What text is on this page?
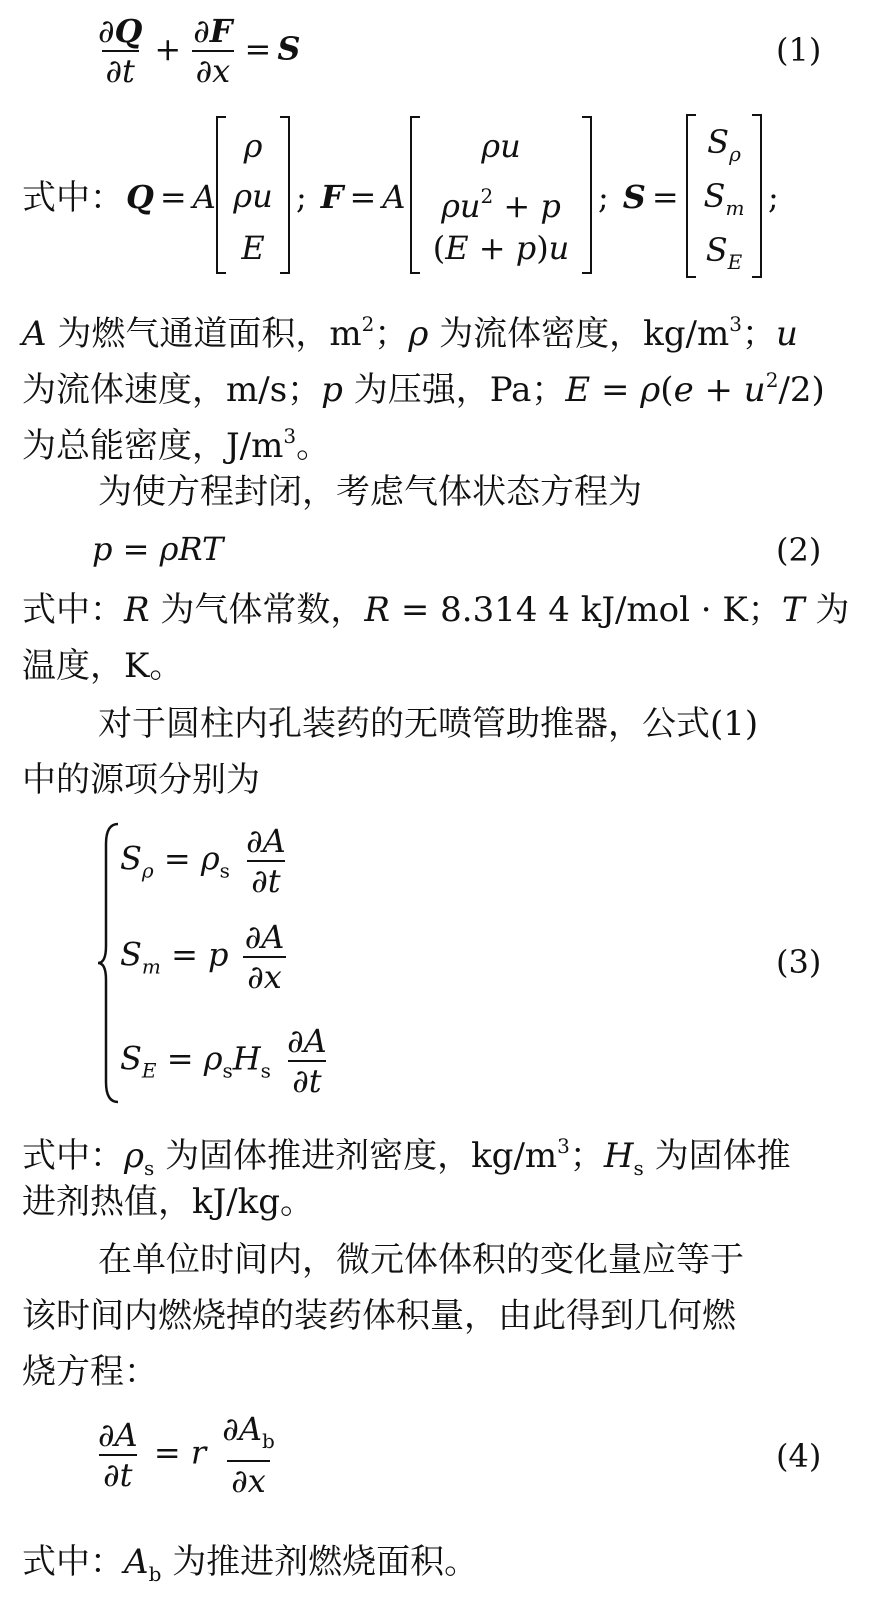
$\frac{\partial Q}{\partial t} + \frac{\partial F}{\partial x} = S$	(1)
式中： Q = A
ρ
ρu
E
; F = A
ρu
$\rho u^2 + p$
(E + p)u
; S =
$S_\rho$
$S_m$
$S_E$
;
A 为燃气通道面积，$m^2$；ρ 为流体密度，$kg/m^3$；u
为流体速度，m/s；p 为压强，Pa；$E = \rho(e + u^2/2)$
为总能密度，$J/m^3$。
为使方程封闭，考虑气体状态方程为
p = ρRT	(2)
式中：R 为气体常数，R = 8.314 4 kJ/mol · K；T 为
温度，K。
对于圆柱内孔装药的无喷管助推器，公式(1)
中的源项分别为
$S_\rho = \rho_s \frac{\partial A}{\partial t}$
$S_m = p \frac{\partial A}{\partial x}$
$S_E = \rho_sH_s \frac{\partial A}{\partial t}$
(3)
式中：$\rho_s$ 为固体推进剂密度，$kg/m^3$；$H_s$ 为固体推
进剂热值，kJ/kg。
在单位时间内，微元体体积的变化量应等于
该时间内燃烧掉的装药体积量，由此得到几何燃
烧方程：
$\frac{\partial A}{\partial t} = r \frac{\partial A_b}{\partial x}$	(4)
式中：$A_b$ 为推进剂燃烧面积。
